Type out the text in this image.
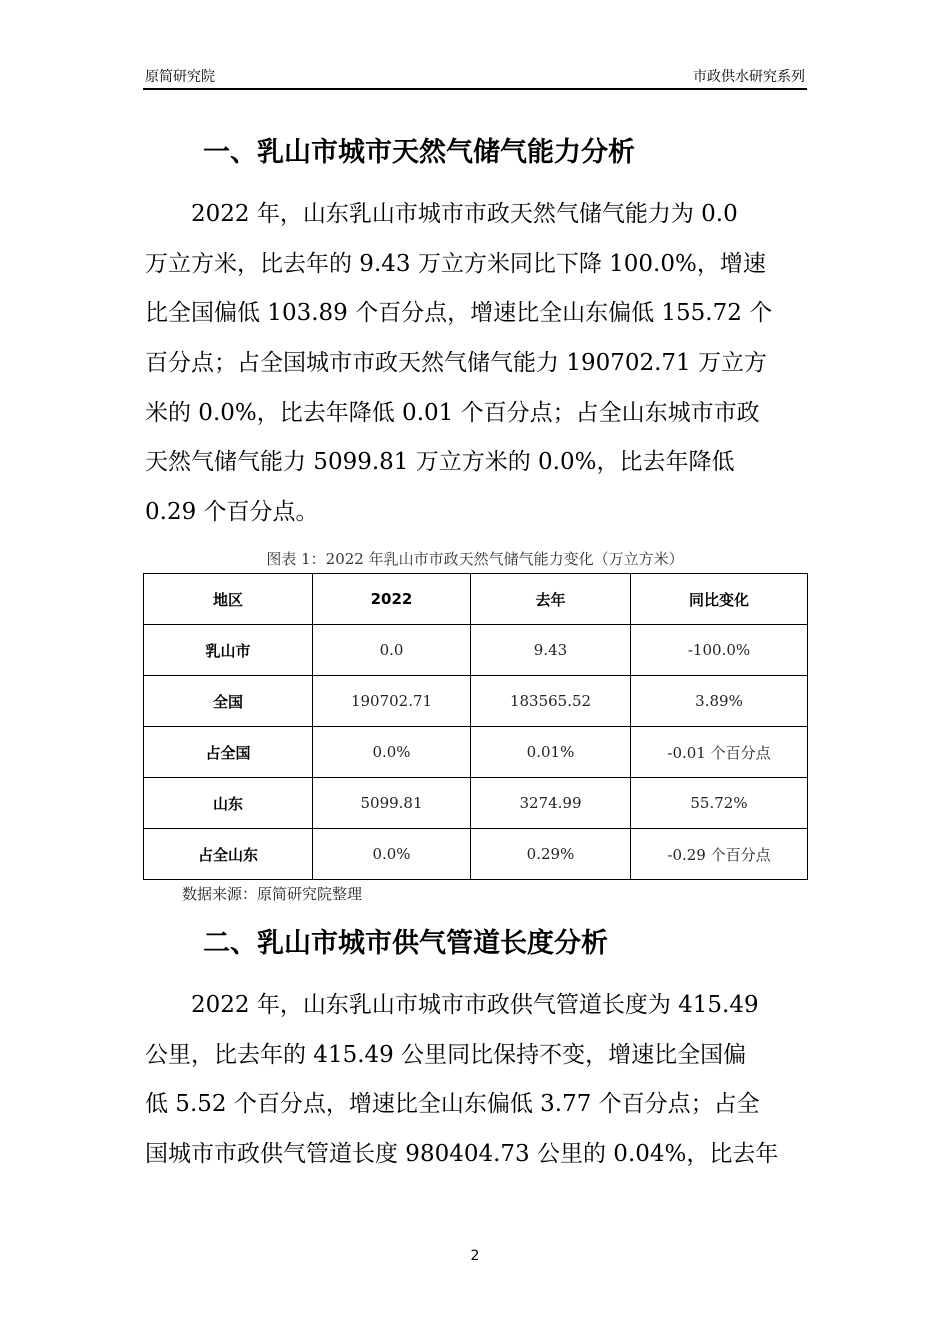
原简研究院	市政供水研究系列
一、乳山市城市天然气储气能力分析
2022 年，山东乳山市城市市政天然气储气能力为 0.0
万立方米，比去年的 9.43 万立方米同比下降 100.0%，增速
比全国偏低 103.89 个百分点，增速比全山东偏低 155.72 个
百分点；占全国城市市政天然气储气能力 190702.71 万立方
米的 0.0%，比去年降低 0.01 个百分点；占全山东城市市政
天然气储气能力 5099.81 万立方米的 0.0%，比去年降低
0.29 个百分点。
图表 1：2022 年乳山市市政天然气储气能力变化（万立方米）
地区	2022	去年	同比变化
乳山市	0.0	9.43	-100.0%
全国	190702.71	183565.52	3.89%
占全国	0.0%	0.01%	-0.01 个百分点
山东	5099.81	3274.99	55.72%
占全山东	0.0%	0.29%	-0.29 个百分点
数据来源：原简研究院整理
二、乳山市城市供气管道长度分析
2022 年，山东乳山市城市市政供气管道长度为 415.49
公里，比去年的 415.49 公里同比保持不变，增速比全国偏
低 5.52 个百分点，增速比全山东偏低 3.77 个百分点；占全
国城市市政供气管道长度 980404.73 公里的 0.04%，比去年
2
